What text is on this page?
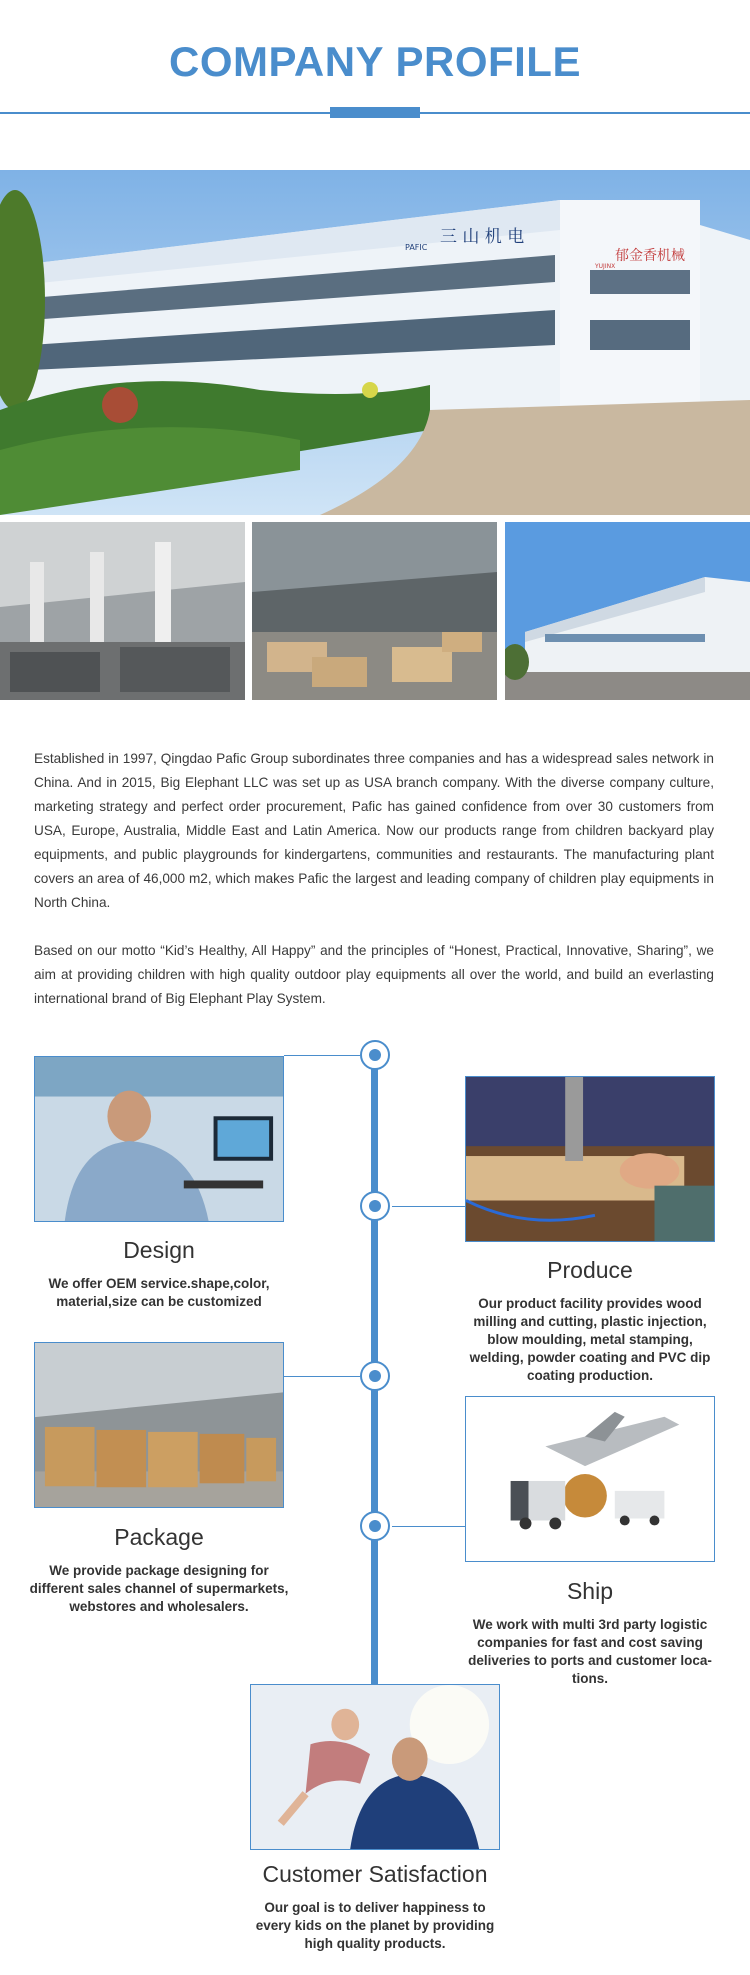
COMPANY PROFILE
三 山 机 电
PAFIC
郁金香机械
YUJINX

Established in 1997, Qingdao Pafic Group subordinates three companies and has a widespread sales network in China. And in 2015, Big Elephant LLC was set up as USA branch company. With the diverse company culture, marketing strategy and perfect order procurement, Pafic has gained confidence from over 30 customers from USA, Europe, Australia, Middle East and Latin America. Now our products range from children backyard play equipments, and public playgrounds for kindergartens, communities and restaurants. The manufacturing plant covers an area of 46,000 m2, which makes Pafic the largest and leading company of children play equipments in North China.

Based on our motto “Kid’s Healthy, All Happy” and the principles of “Honest, Practical, Innovative, Sharing”, we aim at providing children with high quality outdoor play equipments all over the world, and build an everlasting international brand of Big Elephant Play System.

Design
We offer OEM service.shape,color, material,size can be customized
Produce
Our product facility provides wood milling and cutting, plastic injection, blow moulding, metal stamping, welding, powder coating and PVC dip coating production.
Package
We provide package designing for different sales channel of supermarkets, webstores and wholesalers.
Ship
We work with multi 3rd party logistic companies for fast and cost saving deliveries to ports and customer loca- tions.
Customer Satisfaction
Our goal is to deliver happiness to every kids on the planet by providing high quality products.
